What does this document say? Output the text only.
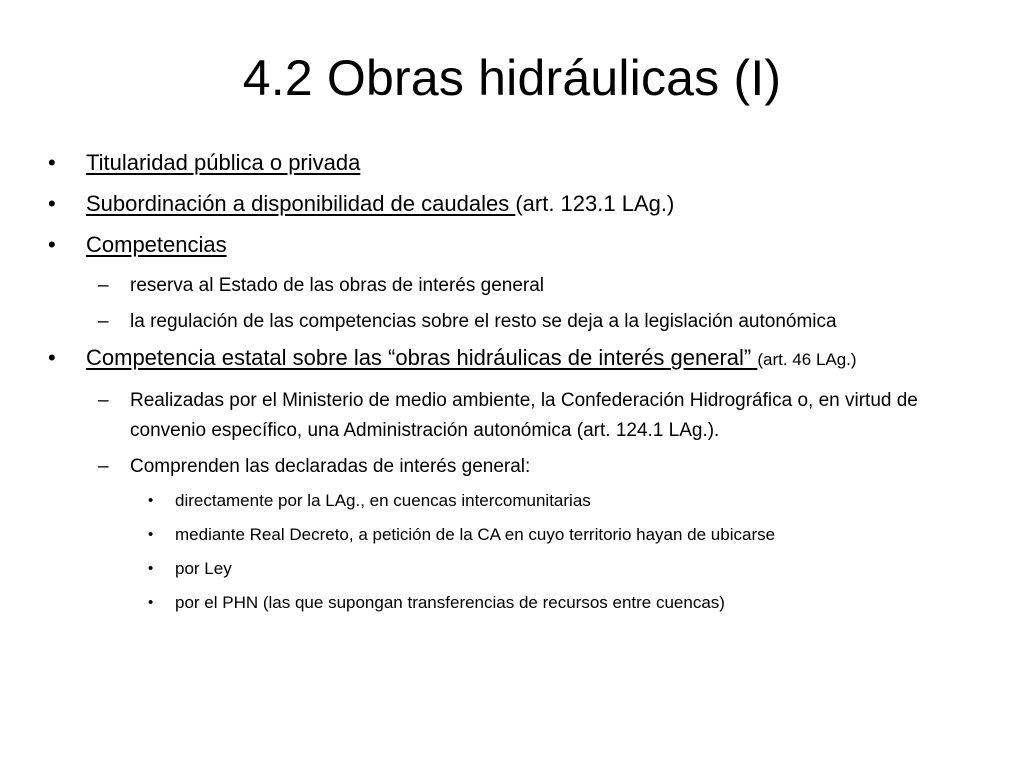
4.2 Obras hidráulicas (I)
• Titularidad pública o privada
• Subordinación a disponibilidad de caudales (art. 123.1 LAg.)
• Competencias
– reserva al Estado de las obras de interés general
– la regulación de las competencias sobre el resto se deja a la legislación autonómica
• Competencia estatal sobre las “obras hidráulicas de interés general” (art. 46 LAg.)
– Realizadas por el Ministerio de medio ambiente, la Confederación Hidrográfica o, en virtud de convenio específico, una Administración autonómica (art. 124.1 LAg.).
– Comprenden las declaradas de interés general:
• directamente por la LAg., en cuencas intercomunitarias
• mediante Real Decreto, a petición de la CA en cuyo territorio hayan de ubicarse
• por Ley
• por el PHN (las que supongan transferencias de recursos entre cuencas)
